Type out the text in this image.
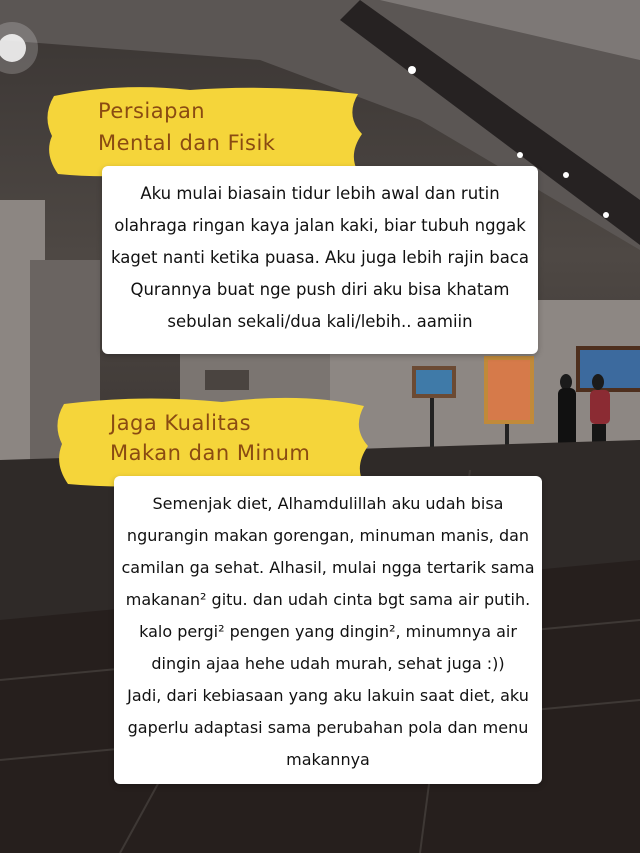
Persiapan
Mental dan Fisik

Aku mulai biasain tidur lebih awal dan rutin

olahraga ringan kaya jalan kaki, biar tubuh nggak

kaget nanti ketika puasa. Aku juga lebih rajin baca

Qurannya buat nge push diri aku bisa khatam

sebulan sekali/dua kali/lebih.. aamiin

Jaga Kualitas
Makan dan Minum

Semenjak diet, Alhamdulillah aku udah bisa

ngurangin makan gorengan, minuman manis, dan

camilan ga sehat. Alhasil, mulai ngga tertarik sama

makanan² gitu. dan udah cinta bgt sama air putih.

kalo pergi² pengen yang dingin², minumnya air

dingin ajaa hehe udah murah, sehat juga :))

Jadi, dari kebiasaan yang aku lakuin saat diet, aku

gaperlu adaptasi sama perubahan pola dan menu

makannya
